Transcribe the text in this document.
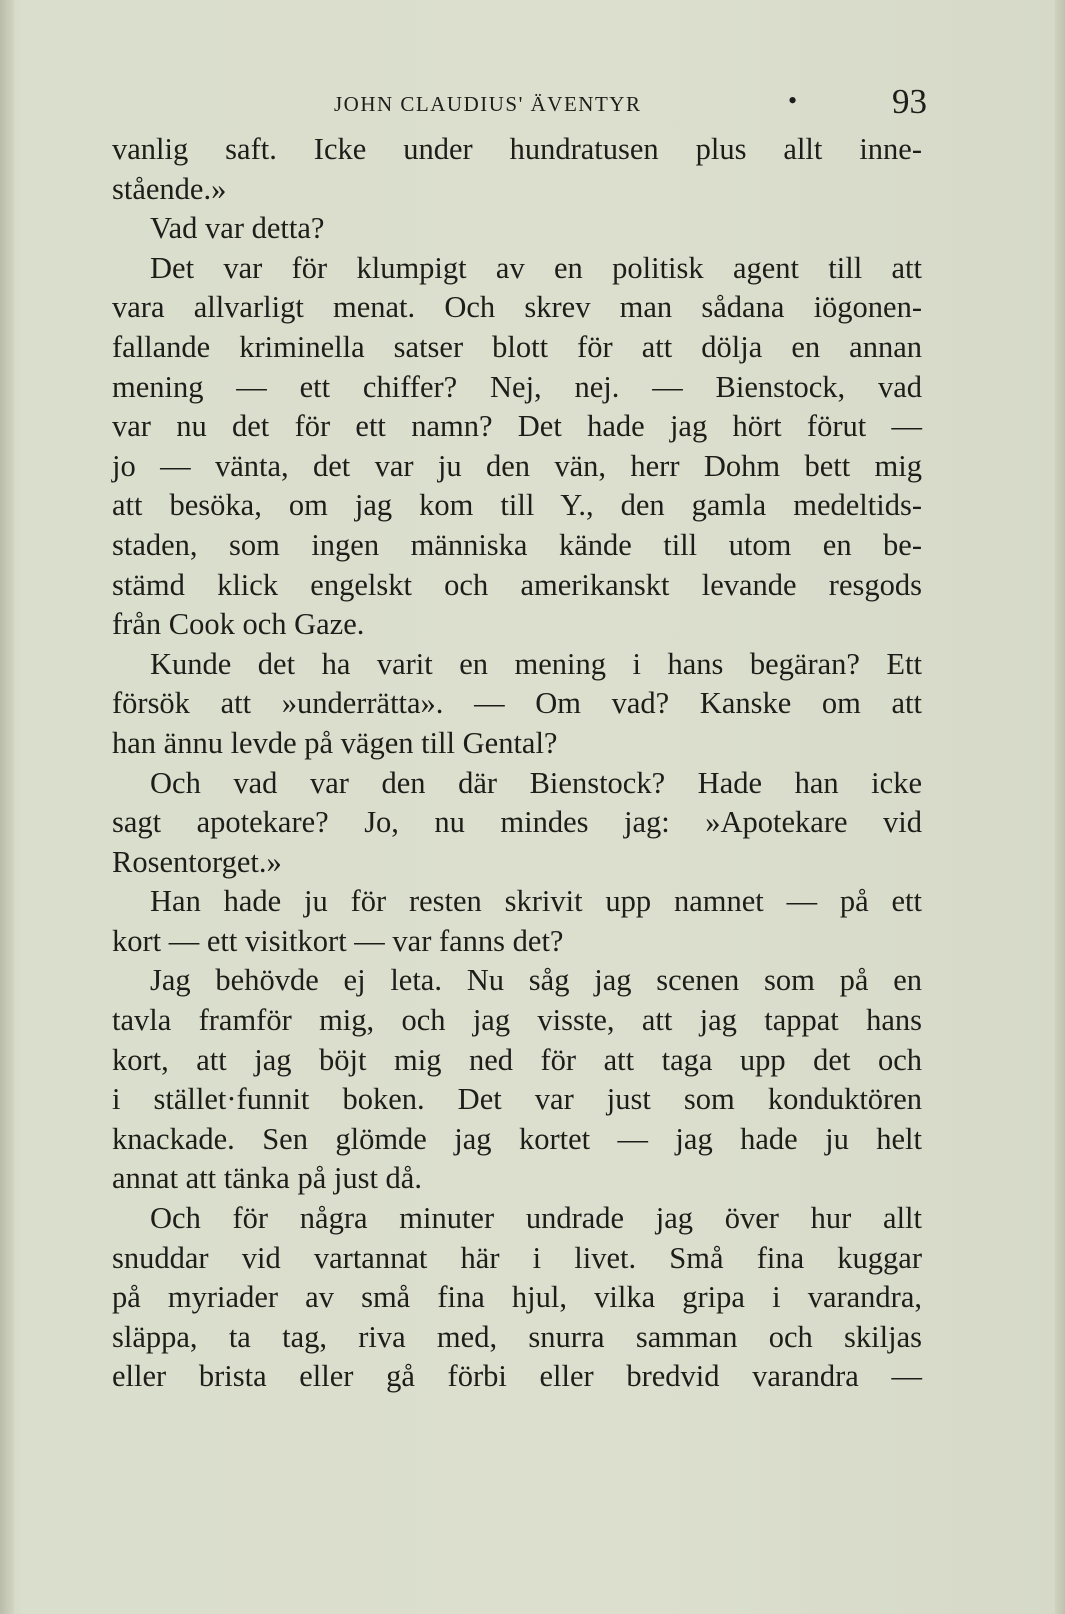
JOHN CLAUDIUS' ÄVENTYR	•	93
vanlig saft. Icke under hundratusen plus allt inne-
stående.»
Vad var detta?
Det var för klumpigt av en politisk agent till att
vara allvarligt menat. Och skrev man sådana iögonen-
fallande kriminella satser blott för att dölja en annan
mening — ett chiffer? Nej, nej. — Bienstock, vad
var nu det för ett namn? Det hade jag hört förut —
jo — vänta, det var ju den vän, herr Dohm bett mig
att besöka, om jag kom till Y., den gamla medeltids-
staden, som ingen människa kände till utom en be-
stämd klick engelskt och amerikanskt levande resgods
från Cook och Gaze.
Kunde det ha varit en mening i hans begäran? Ett
försök att »underrätta». — Om vad? Kanske om att
han ännu levde på vägen till Gental?
Och vad var den där Bienstock? Hade han icke
sagt apotekare? Jo, nu mindes jag: »Apotekare vid
Rosentorget.»
Han hade ju för resten skrivit upp namnet — på ett
kort — ett visitkort — var fanns det?
Jag behövde ej leta. Nu såg jag scenen som på en
tavla framför mig, och jag visste, att jag tappat hans
kort, att jag böjt mig ned för att taga upp det och
i stället·funnit boken. Det var just som konduktören
knackade. Sen glömde jag kortet — jag hade ju helt
annat att tänka på just då.
Och för några minuter undrade jag över hur allt
snuddar vid vartannat här i livet. Små fina kuggar
på myriader av små fina hjul, vilka gripa i varandra,
släppa, ta tag, riva med, snurra samman och skiljas
eller brista eller gå förbi eller bredvid varandra —
